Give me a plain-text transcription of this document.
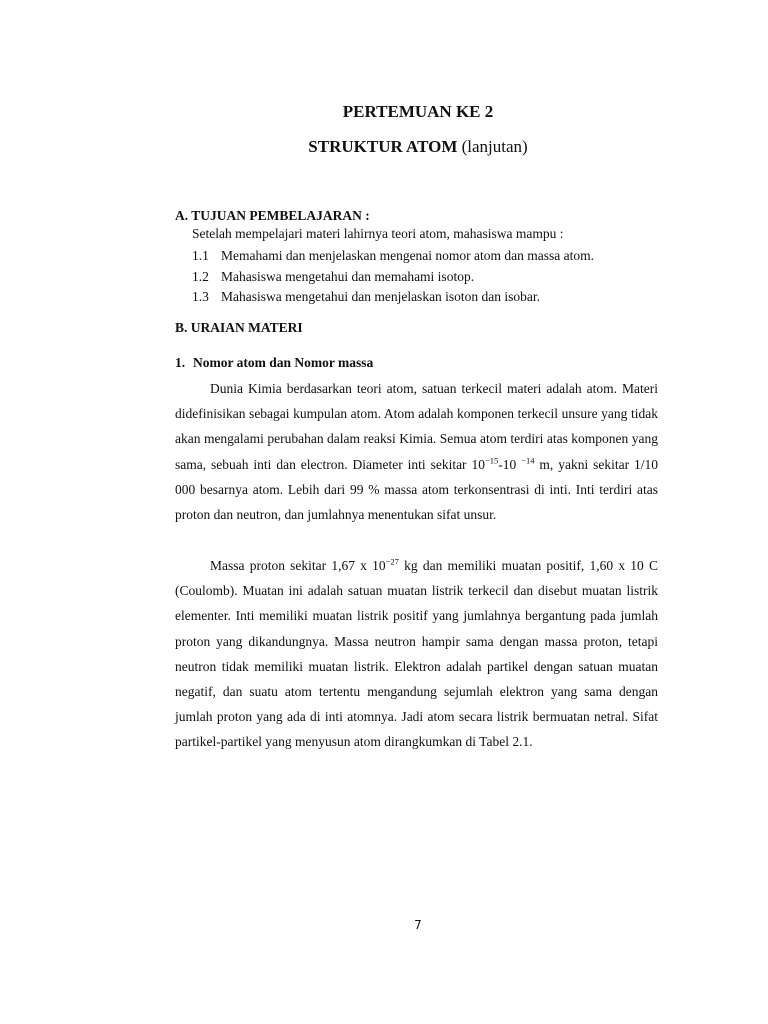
PERTEMUAN KE 2
STRUKTUR ATOM (lanjutan)
A. TUJUAN PEMBELAJARAN :

Setelah mempelajari materi lahirnya teori atom, mahasiswa mampu :

1.1 Memahami dan menjelaskan mengenai nomor atom dan massa atom.
1.2 Mahasiswa mengetahui dan memahami isotop.
1.3 Mahasiswa mengetahui dan menjelaskan isoton dan isobar.
B. URAIAN MATERI
1. Nomor atom dan Nomor massa

Dunia Kimia berdasarkan teori atom, satuan terkecil materi adalah atom. Materi didefinisikan sebagai kumpulan atom. Atom adalah komponen terkecil unsure yang tidak akan mengalami perubahan dalam reaksi Kimia. Semua atom terdiri atas komponen yang sama, sebuah inti dan electron. Diameter inti sekitar $10^{-15}-10$ $^{-14}$ m, yakni sekitar 1/10 000 besarnya atom. Lebih dari 99 % massa atom terkonsentrasi di inti. Inti terdiri atas proton dan neutron, dan jumlahnya menentukan sifat unsur.

Massa proton sekitar 1,67 x $10^{-27}$ kg dan memiliki muatan positif, 1,60 x 10 C (Coulomb). Muatan ini adalah satuan muatan listrik terkecil dan disebut muatan listrik elementer. Inti memiliki muatan listrik positif yang jumlahnya bergantung pada jumlah proton yang dikandungnya. Massa neutron hampir sama dengan massa proton, tetapi neutron tidak memiliki muatan listrik. Elektron adalah partikel dengan satuan muatan negatif, dan suatu atom tertentu mengandung sejumlah elektron yang sama dengan jumlah proton yang ada di inti atomnya. Jadi atom secara listrik bermuatan netral. Sifat partikel-partikel yang menyusun atom dirangkumkan di Tabel 2.1.

7
